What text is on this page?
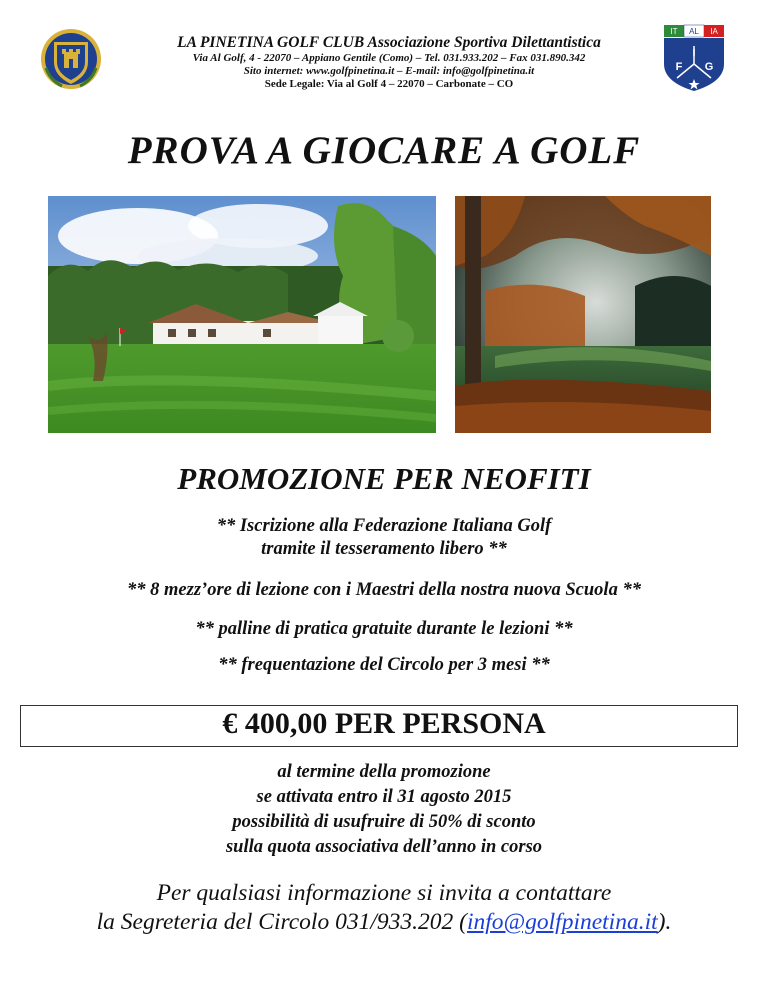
LA PINETINA GOLF CLUB Associazione Sportiva Dilettantistica
Via Al Golf, 4 - 22070 – Appiano Gentile (Como) – Tel. 031.933.202 – Fax 031.890.342
Sito internet: www.golfpinetina.it – E-mail: info@golfpinetina.it
Sede Legale: Via al Golf 4 – 22070 – Carbonate – CO
IT AL IA
I
F G
PROVA A GIOCARE A GOLF
PROMOZIONE PER NEOFITI
** Iscrizione alla Federazione Italiana Golf
tramite il tesseramento libero **
** 8 mezz’ore di lezione con i Maestri della nostra nuova Scuola **
** palline di pratica gratuite durante le lezioni **
** frequentazione del Circolo per 3 mesi **
€ 400,00 PER PERSONA
al termine della promozione
se attivata entro il 31 agosto 2015
possibilità di usufruire di 50% di sconto
sulla quota associativa dell’anno in corso
Per qualsiasi informazione si invita a contattare
la Segreteria del Circolo 031/933.202 (info@golfpinetina.it).
